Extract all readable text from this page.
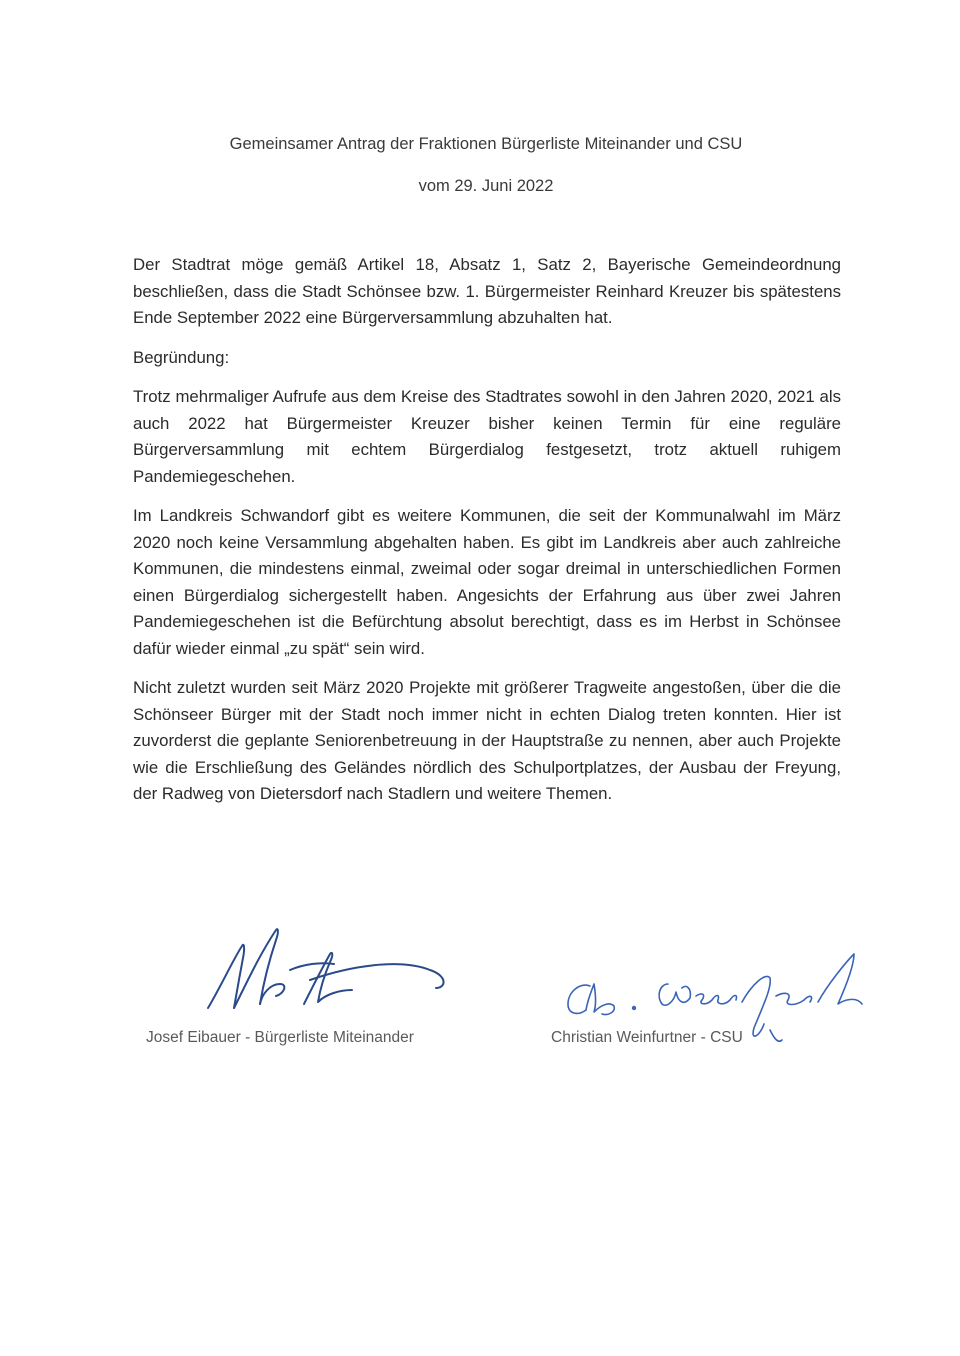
Gemeinsamer Antrag der Fraktionen Bürgerliste Miteinander und CSU
vom 29. Juni 2022

Der Stadtrat möge gemäß Artikel 18, Absatz 1, Satz 2, Bayerische Gemeindeordnung beschließen, dass die Stadt Schönsee bzw. 1. Bürgermeister Reinhard Kreuzer bis spätestens Ende September 2022 eine Bürgerversammlung abzuhalten hat.

Begründung:

Trotz mehrmaliger Aufrufe aus dem Kreise des Stadtrates sowohl in den Jahren 2020, 2021 als auch 2022 hat Bürgermeister Kreuzer bisher keinen Termin für eine reguläre Bürgerversammlung mit echtem Bürgerdialog festgesetzt, trotz aktuell ruhigem Pandemiegeschehen.

Im Landkreis Schwandorf gibt es weitere Kommunen, die seit der Kommunalwahl im März 2020 noch keine Versammlung abgehalten haben. Es gibt im Landkreis aber auch zahlreiche Kommunen, die mindestens einmal, zweimal oder sogar dreimal in unterschiedlichen Formen einen Bürgerdialog sichergestellt haben. Angesichts der Erfahrung aus über zwei Jahren Pandemiegeschehen ist die Befürchtung absolut berechtigt, dass es im Herbst in Schönsee dafür wieder einmal „zu spät“ sein wird.

Nicht zuletzt wurden seit März 2020 Projekte mit größerer Tragweite angestoßen, über die die Schönseer Bürger mit der Stadt noch immer nicht in echten Dialog treten konnten. Hier ist zuvorderst die geplante Seniorenbetreuung in der Hauptstraße zu nennen, aber auch Projekte wie die Erschließung des Geländes nördlich des Schulportplatzes, der Ausbau der Freyung, der Radweg von Dietersdorf nach Stadlern und weitere Themen.

Josef Eibauer - Bürgerliste Miteinander	Christian Weinfurtner - CSU
